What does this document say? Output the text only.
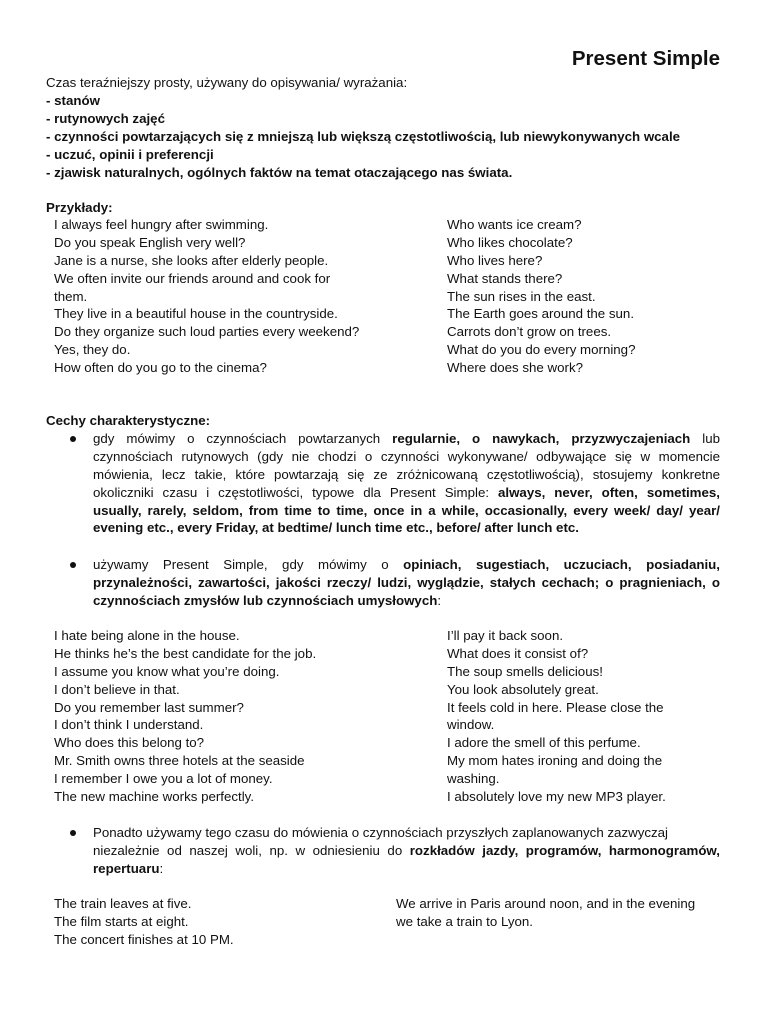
Present Simple
Czas teraźniejszy prosty, używany do opisywania/ wyrażania:
- stanów
- rutynowych zajęć
- czynności powtarzających się z mniejszą lub większą częstotliwością, lub niewykonywanych wcale
- uczuć, opinii i preferencji
- zjawisk naturalnych, ogólnych faktów na temat otaczającego nas świata.
Przykłady:
I always feel hungry after swimming.
Do you speak English very well?
Jane is a nurse, she looks after elderly people.
We often invite our friends around and cook for
them.
They live in a beautiful house in the countryside.
Do they organize such loud parties every weekend?
Yes, they do.
How often do you go to the cinema?
Who wants ice cream?
Who likes chocolate?
Who lives here?
What stands there?
The sun rises in the east.
The Earth goes around the sun.
Carrots don’t grow on trees.
What do you do every morning?
Where does she work?
Cechy charakterystyczne:
gdy mówimy o czynnościach powtarzanych regularnie, o nawykach, przyzwyczajeniach lub
czynnościach rutynowych (gdy nie chodzi o czynności wykonywane/ odbywające się w momencie
mówienia, lecz takie, które powtarzają się ze zróżnicowaną częstotliwością), stosujemy konkretne
okoliczniki czasu i częstotliwości, typowe dla Present Simple: always, never, often, sometimes,
usually, rarely, seldom, from time to time, once in a while, occasionally, every week/ day/ year/
evening etc., every Friday, at bedtime/ lunch time etc., before/ after lunch etc.
używamy Present Simple, gdy mówimy o opiniach, sugestiach, uczuciach, posiadaniu,
przynależności, zawartości, jakości rzeczy/ ludzi, wyglądzie, stałych cechach; o pragnieniach, o
czynnościach zmysłów lub czynnościach umysłowych:
I hate being alone in the house.
He thinks he’s the best candidate for the job.
I assume you know what you’re doing.
I don’t believe in that.
Do you remember last summer?
I don’t think I understand.
Who does this belong to?
Mr. Smith owns three hotels at the seaside
I remember I owe you a lot of money.
The new machine works perfectly.
I’ll pay it back soon.
What does it consist of?
The soup smells delicious!
You look absolutely great.
It feels cold in here. Please close the
window.
I adore the smell of this perfume.
My mom hates ironing and doing the
washing.
I absolutely love my new MP3 player.
Ponadto używamy tego czasu do mówienia o czynnościach przyszłych zaplanowanych zazwyczaj
niezależnie od naszej woli, np. w odniesieniu do rozkładów jazdy, programów, harmonogramów,
repertuaru:
The train leaves at five.
The film starts at eight.
The concert finishes at 10 PM.
We arrive in Paris around noon, and in the evening
we take a train to Lyon.
